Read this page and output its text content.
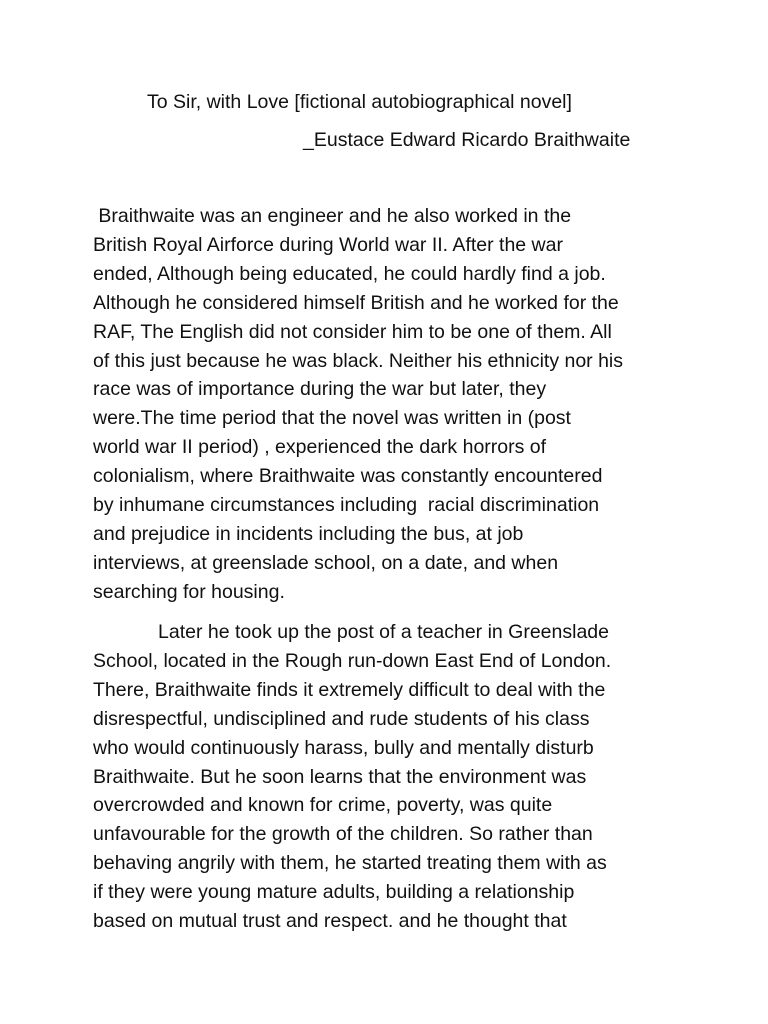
To Sir, with Love [fictional autobiographical novel]
_Eustace Edward Ricardo Braithwaite

Braithwaite was an engineer and he also worked in the
British Royal Airforce during World war II. After the war
ended, Although being educated, he could hardly find a job.
Although he considered himself British and he worked for the
RAF, The English did not consider him to be one of them. All
of this just because he was black. Neither his ethnicity nor his
race was of importance during the war but later, they
were.The time period that the novel was written in (post
world war II period) , experienced the dark horrors of
colonialism, where Braithwaite was constantly encountered
by inhumane circumstances including  racial discrimination
and prejudice in incidents including the bus, at job
interviews, at greenslade school, on a date, and when
searching for housing.

Later he took up the post of a teacher in Greenslade
School, located in the Rough run-down East End of London.
There, Braithwaite finds it extremely difficult to deal with the
disrespectful, undisciplined and rude students of his class
who would continuously harass, bully and mentally disturb
Braithwaite. But he soon learns that the environment was
overcrowded and known for crime, poverty, was quite
unfavourable for the growth of the children. So rather than
behaving angrily with them, he started treating them with as
if they were young mature adults, building a relationship
based on mutual trust and respect. and he thought that
